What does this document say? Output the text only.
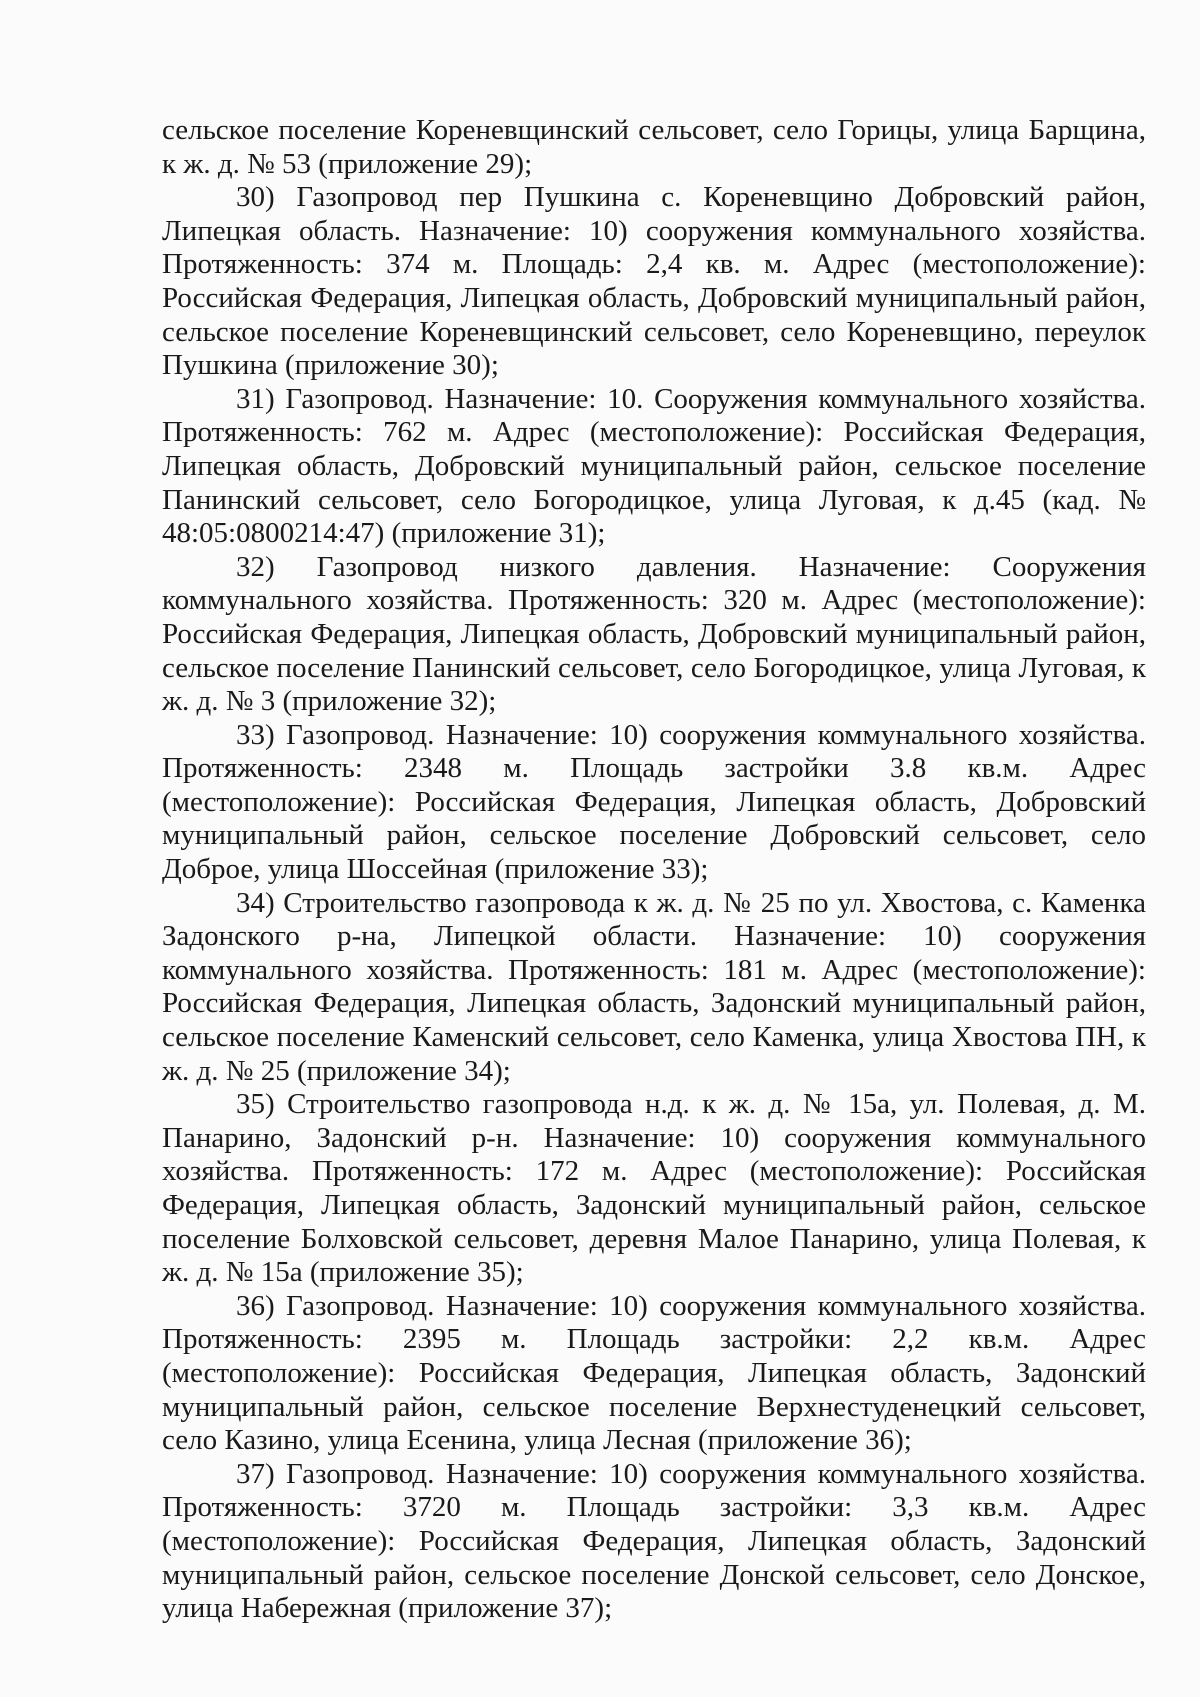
сельское поселение Кореневщинский сельсовет, село Горицы, улица Барщина, к ж. д. № 53 (приложение 29);

30) Газопровод пер Пушкина с. Кореневщино Добровский район, Липецкая область. Назначение: 10) сооружения коммунального хозяйства. Протяженность: 374 м. Площадь: 2,4 кв. м. Адрес (местоположение): Российская Федерация, Липецкая область, Добровский муниципальный район, сельское поселение Кореневщинский сельсовет, село Кореневщино, переулок Пушкина (приложение 30);

31) Газопровод. Назначение: 10. Сооружения коммунального хозяйства. Протяженность: 762 м. Адрес (местоположение): Российская Федерация, Липецкая область, Добровский муниципальный район, сельское поселение Панинский сельсовет, село Богородицкое, улица Луговая, к д.45 (кад. № 48:05:0800214:47) (приложение 31);

32) Газопровод низкого давления. Назначение: Сооружения коммунального хозяйства. Протяженность: 320 м. Адрес (местоположение): Российская Федерация, Липецкая область, Добровский муниципальный район, сельское поселение Панинский сельсовет, село Богородицкое, улица Луговая, к ж. д. № 3 (приложение 32);

33) Газопровод. Назначение: 10) сооружения коммунального хозяйства. Протяженность: 2348 м. Площадь застройки 3.8 кв.м. Адрес (местоположение): Российская Федерация, Липецкая область, Добровский муниципальный район, сельское поселение Добровский сельсовет, село Доброе, улица Шоссейная (приложение 33);

34) Строительство газопровода к ж. д. № 25 по ул. Хвостова, с. Каменка Задонского р-на, Липецкой области. Назначение: 10) сооружения коммунального хозяйства. Протяженность: 181 м. Адрес (местоположение): Российская Федерация, Липецкая область, Задонский муниципальный район, сельское поселение Каменский сельсовет, село Каменка, улица Хвостова ПН, к ж. д. № 25 (приложение 34);

35) Строительство газопровода н.д. к ж. д. № 15а, ул. Полевая, д. М. Панарино, Задонский р-н. Назначение: 10) сооружения коммунального хозяйства. Протяженность: 172 м. Адрес (местоположение): Российская Федерация, Липецкая область, Задонский муниципальный район, сельское поселение Болховской сельсовет, деревня Малое Панарино, улица Полевая, к ж. д. № 15а (приложение 35);

36) Газопровод. Назначение: 10) сооружения коммунального хозяйства. Протяженность: 2395 м. Площадь застройки: 2,2 кв.м. Адрес (местоположение): Российская Федерация, Липецкая область, Задонский муниципальный район, сельское поселение Верхнестуденецкий сельсовет, село Казино, улица Есенина, улица Лесная (приложение 36);

37) Газопровод. Назначение: 10) сооружения коммунального хозяйства. Протяженность: 3720 м. Площадь застройки: 3,3 кв.м. Адрес (местоположение): Российская Федерация, Липецкая область, Задонский муниципальный район, сельское поселение Донской сельсовет, село Донское, улица Набережная (приложение 37);
